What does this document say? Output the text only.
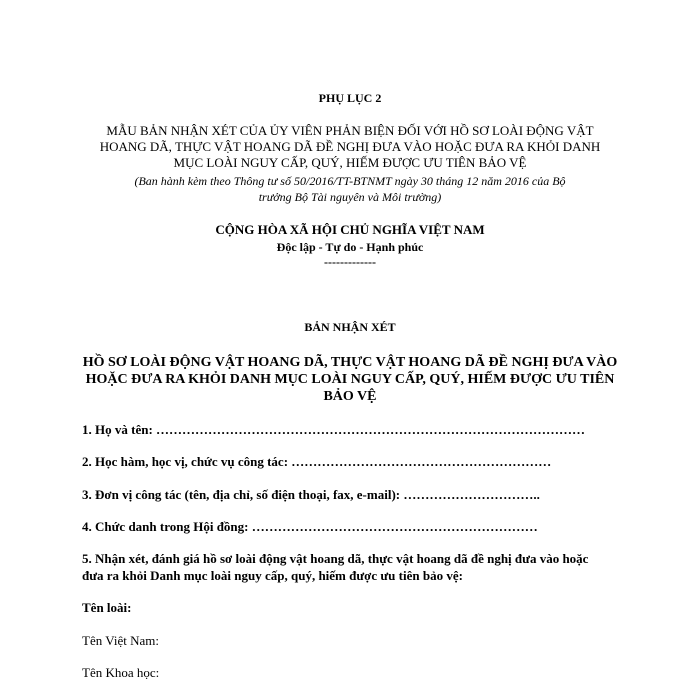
PHỤ LỤC 2
MẪU BẢN NHẬN XÉT CỦA ỦY VIÊN PHẢN BIỆN ĐỐI VỚI HỒ SƠ LOÀI ĐỘNG VẬT
HOANG DÃ, THỰC VẬT HOANG DÃ ĐỀ NGHỊ ĐƯA VÀO HOẶC ĐƯA RA KHỎI DANH
MỤC LOÀI NGUY CẤP, QUÝ, HIẾM ĐƯỢC ƯU TIÊN BẢO VỆ
(Ban hành kèm theo Thông tư số 50/2016/TT-BTNMT ngày 30 tháng 12 năm 2016 của Bộ
trưởng Bộ Tài nguyên và Môi trường)
CỘNG HÒA XÃ HỘI CHỦ NGHĨA VIỆT NAM
Độc lập - Tự do - Hạnh phúc
-------------
BẢN NHẬN XÉT
HỒ SƠ LOÀI ĐỘNG VẬT HOANG DÃ, THỰC VẬT HOANG DÃ ĐỀ NGHỊ ĐƯA VÀO
HOẶC ĐƯA RA KHỎI DANH MỤC LOÀI NGUY CẤP, QUÝ, HIẾM ĐƯỢC ƯU TIÊN
BẢO VỆ
1. Họ và tên: ………………………………………………………………………………………
2. Học hàm, học vị, chức vụ công tác: ……………………………………………………
3. Đơn vị công tác (tên, địa chỉ, số điện thoại, fax, e-mail): …………………………..
4. Chức danh trong Hội đồng: …………………………………………………………
5. Nhận xét, đánh giá hồ sơ loài động vật hoang dã, thực vật hoang dã đề nghị đưa vào hoặc
đưa ra khỏi Danh mục loài nguy cấp, quý, hiếm được ưu tiên bảo vệ:
Tên loài:
Tên Việt Nam:
Tên Khoa học:
